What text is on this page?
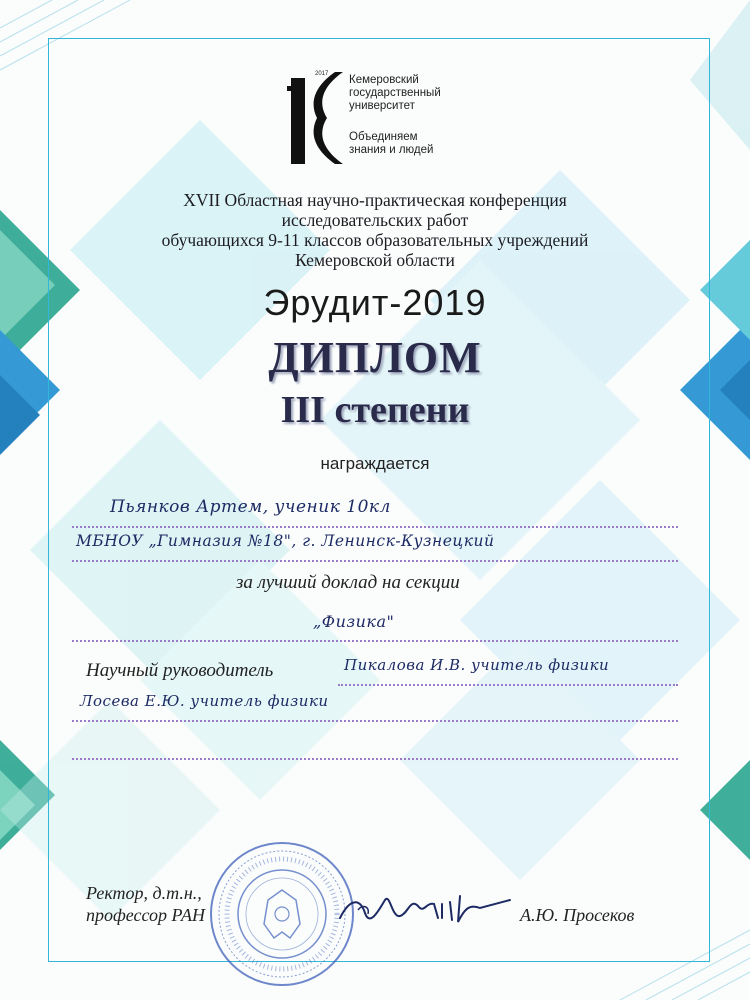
2017 Кемеровский
государственный
университет
Объединяем
знания и людей
XVII Областная научно-практическая конференция
исследовательских работ
обучающихся 9-11 классов образовательных учреждений
Кемеровской области
Эрудит-2019
ДИПЛОМ
III степени
награждается
Пьянков Артем, ученик 10кл
МБНОУ „Гимназия №18", г. Ленинск-Кузнецкий
за лучший доклад на секции
„Физика"
Научный руководитель	Пикалова И.В. учитель физики
Лосева Е.Ю. учитель физики
Ректор, д.т.н.,
профессор РАН	А.Ю. Просеков
